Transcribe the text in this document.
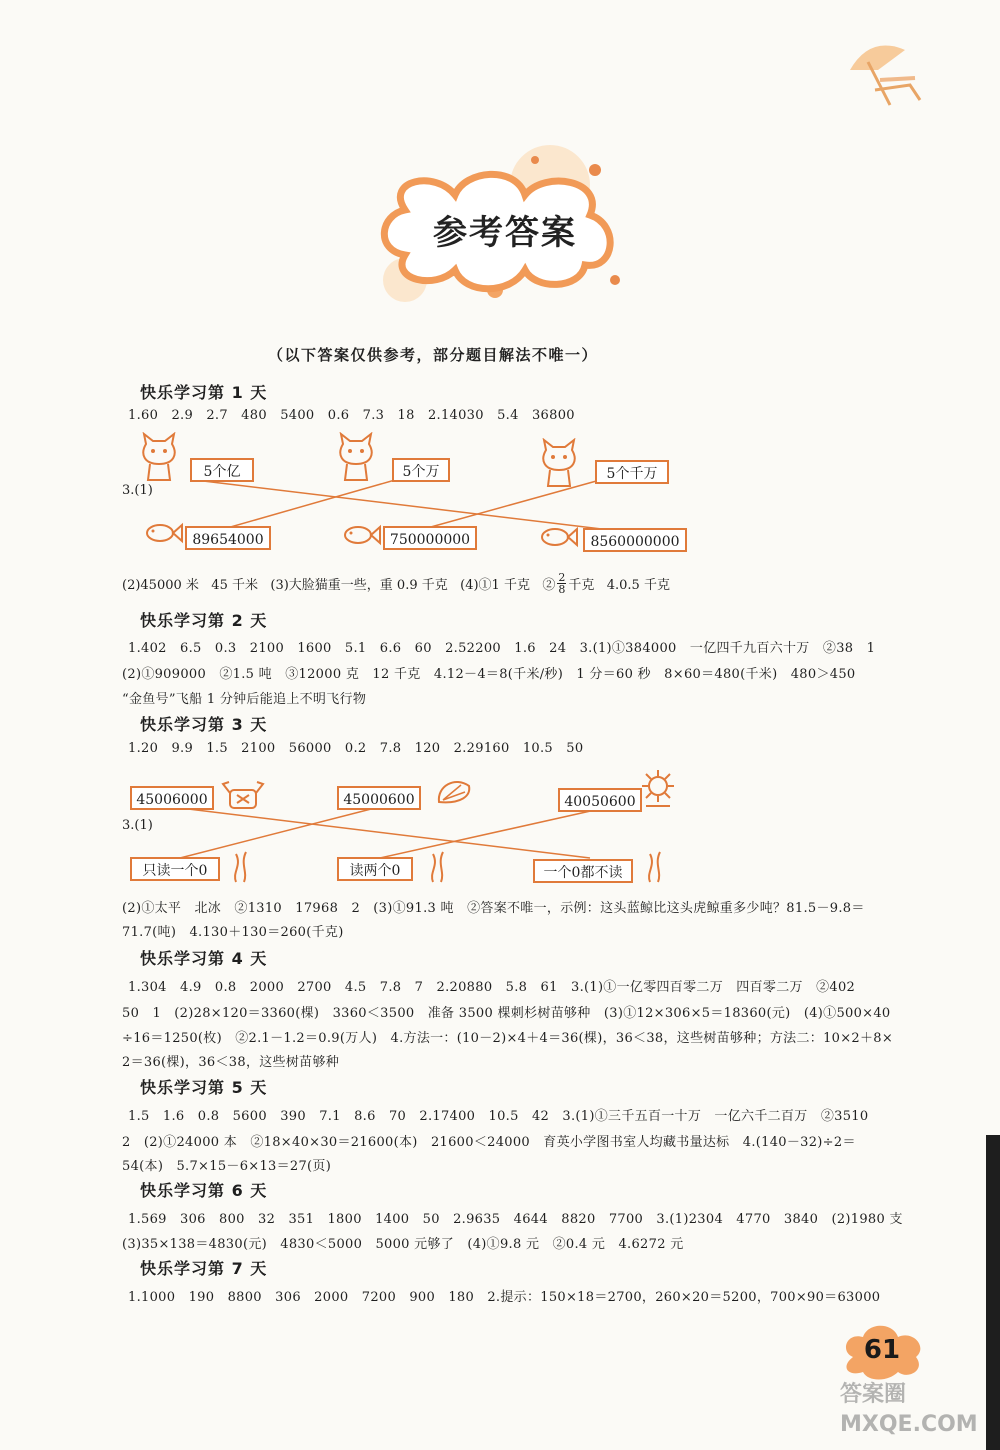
参考答案
（以下答案仅供参考，部分题目解法不唯一）
快乐学习第 1 天
1.60   2.9   2.7   480   5400   0.6   7.3   18   2.14030   5.4   36800
5个亿	5个万	5个千万
3.(1)
89654000	750000000	8560000000
(2)45000 米   45 千米   (3)大脸猫重一些，重 0.9 千克   (4)①1 千克   ②
2
8 千克   4.0.5 千克
快乐学习第 2 天
1.402   6.5   0.3   2100   1600   5.1   6.6   60   2.52200   1.6   24   3.(1)①384000   一亿四千九百六十万   ②38   1
(2)①909000   ②1.5 吨   ③12000 克   12 千克   4.12－4＝8(千米/秒)   1 分＝60 秒   8×60＝480(千米)   480＞450
“金鱼号”飞船 1 分钟后能追上不明飞行物
快乐学习第 3 天
1.20   9.9   1.5   2100   56000   0.2   7.8   120   2.29160   10.5   50
45006000	45000600	40050600
3.(1)
只读一个0	读两个0	一个0都不读
(2)①太平   北冰   ②1310   17968   2   (3)①91.3 吨   ②答案不唯一，示例：这头蓝鲸比这头虎鲸重多少吨？81.5－9.8＝
71.7(吨)   4.130＋130＝260(千克)
快乐学习第 4 天
1.304   4.9   0.8   2000   2700   4.5   7.8   7   2.20880   5.8   61   3.(1)①一亿零四百零二万   四百零二万   ②402
50   1   (2)28×120＝3360(棵)   3360＜3500   准备 3500 棵刺杉树苗够种   (3)①12×306×5＝18360(元)   (4)①500×40
÷16＝1250(枚)   ②2.1－1.2＝0.9(万人)   4.方法一：(10－2)×4＋4＝36(棵)，36＜38，这些树苗够种；方法二：10×2＋8×
2＝36(棵)，36＜38，这些树苗够种
快乐学习第 5 天
1.5   1.6   0.8   5600   390   7.1   8.6   70   2.17400   10.5   42   3.(1)①三千五百一十万   一亿六千二百万   ②3510
2   (2)①24000 本   ②18×40×30＝21600(本)   21600＜24000   育英小学图书室人均藏书量达标   4.(140－32)÷2＝
54(本)   5.7×15－6×13＝27(页)
快乐学习第 6 天
1.569   306   800   32   351   1800   1400   50   2.9635   4644   8820   7700   3.(1)2304   4770   3840   (2)1980 支
(3)35×138＝4830(元)   4830＜5000   5000 元够了   (4)①9.8 元   ②0.4 元   4.6272 元
快乐学习第 7 天
1.1000   190   8800   306   2000   7200   900   180   2.提示：150×18＝2700，260×20＝5200，700×90＝63000
61
答案圈 MXQE.COM
